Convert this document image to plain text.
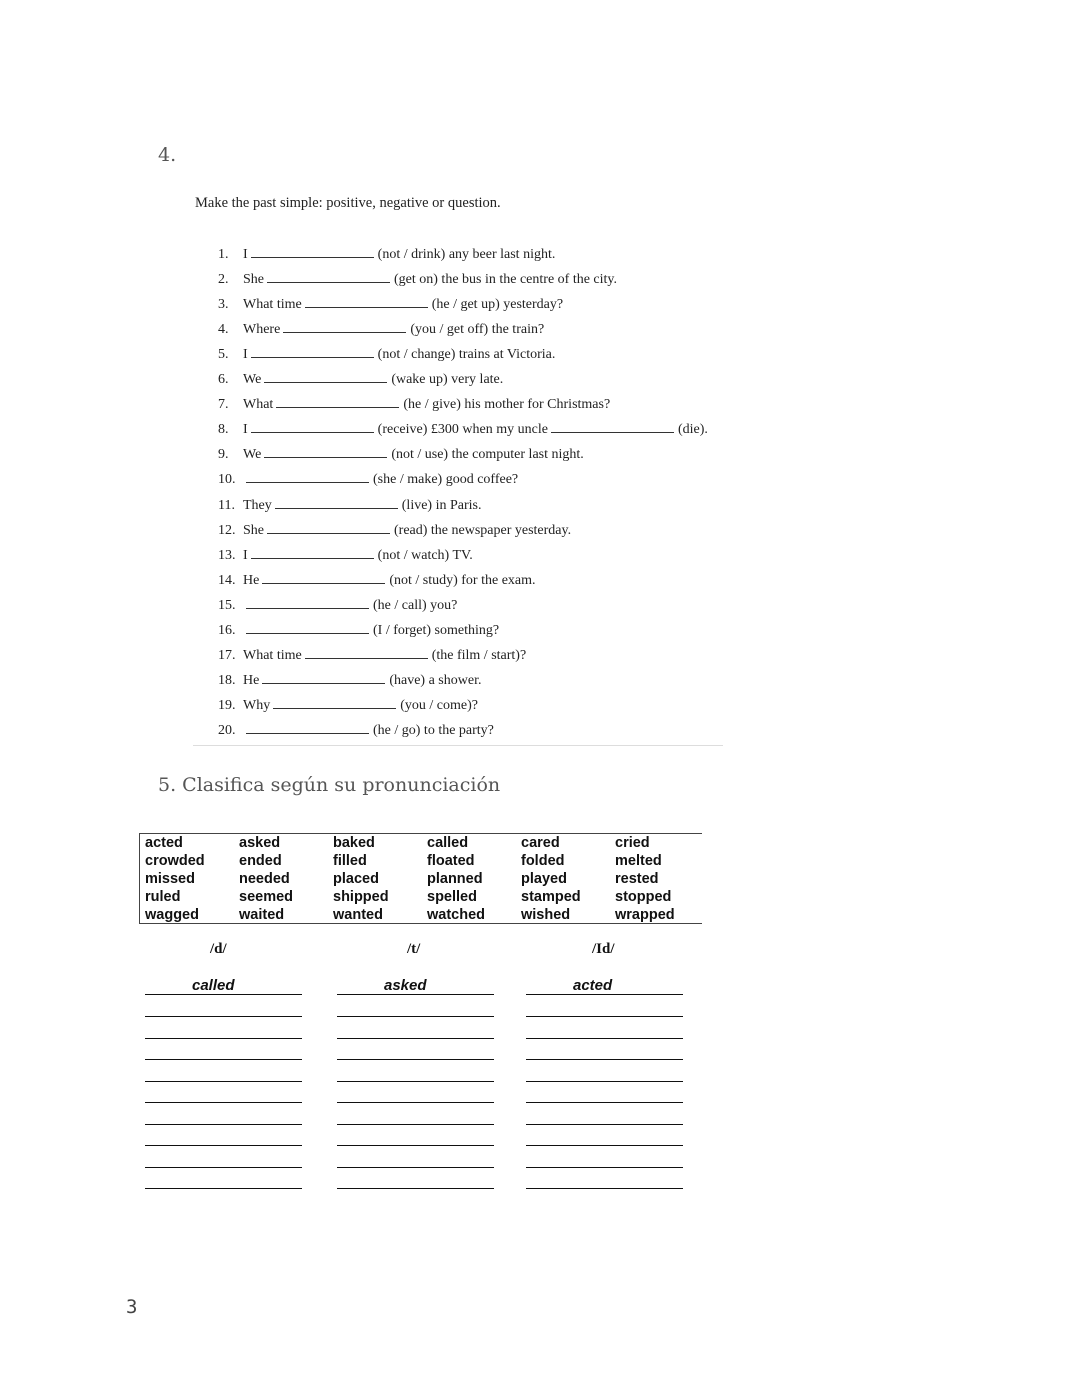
4.
Make the past simple: positive, negative or question.
1. I	(not / drink) any beer last night.
2. She	(get on) the bus in the centre of the city.
3. What time	(he / get up) yesterday?
4. Where	(you / get off) the train?
5. I	(not / change) trains at Victoria.
6. We	(wake up) very late.
7. What	(he / give) his mother for Christmas?
8. I	(receive) £300 when my uncle	(die).
9. We	(not / use) the computer last night.
10.	(she / make) good coffee?
11. They	(live) in Paris.
12. She	(read) the newspaper yesterday.
13. I	(not / watch) TV.
14. He	(not / study) for the exam.
15.	(he / call) you?
16.	(I / forget) something?
17. What time	(the film / start)?
18. He	(have) a shower.
19. Why	(you / come)?
20.	(he / go) to the party?
5. Clasifica según su pronunciación
acted	asked	baked	called	cared	cried
crowded ended	filled	floated	folded	melted
missed	needed	placed	planned	played	rested
ruled	seemed	shipped	spelled	stamped stopped
wagged	waited	wanted	watched wished	wrapped
/d/
called
/t/
asked
/Id/
acted
3
